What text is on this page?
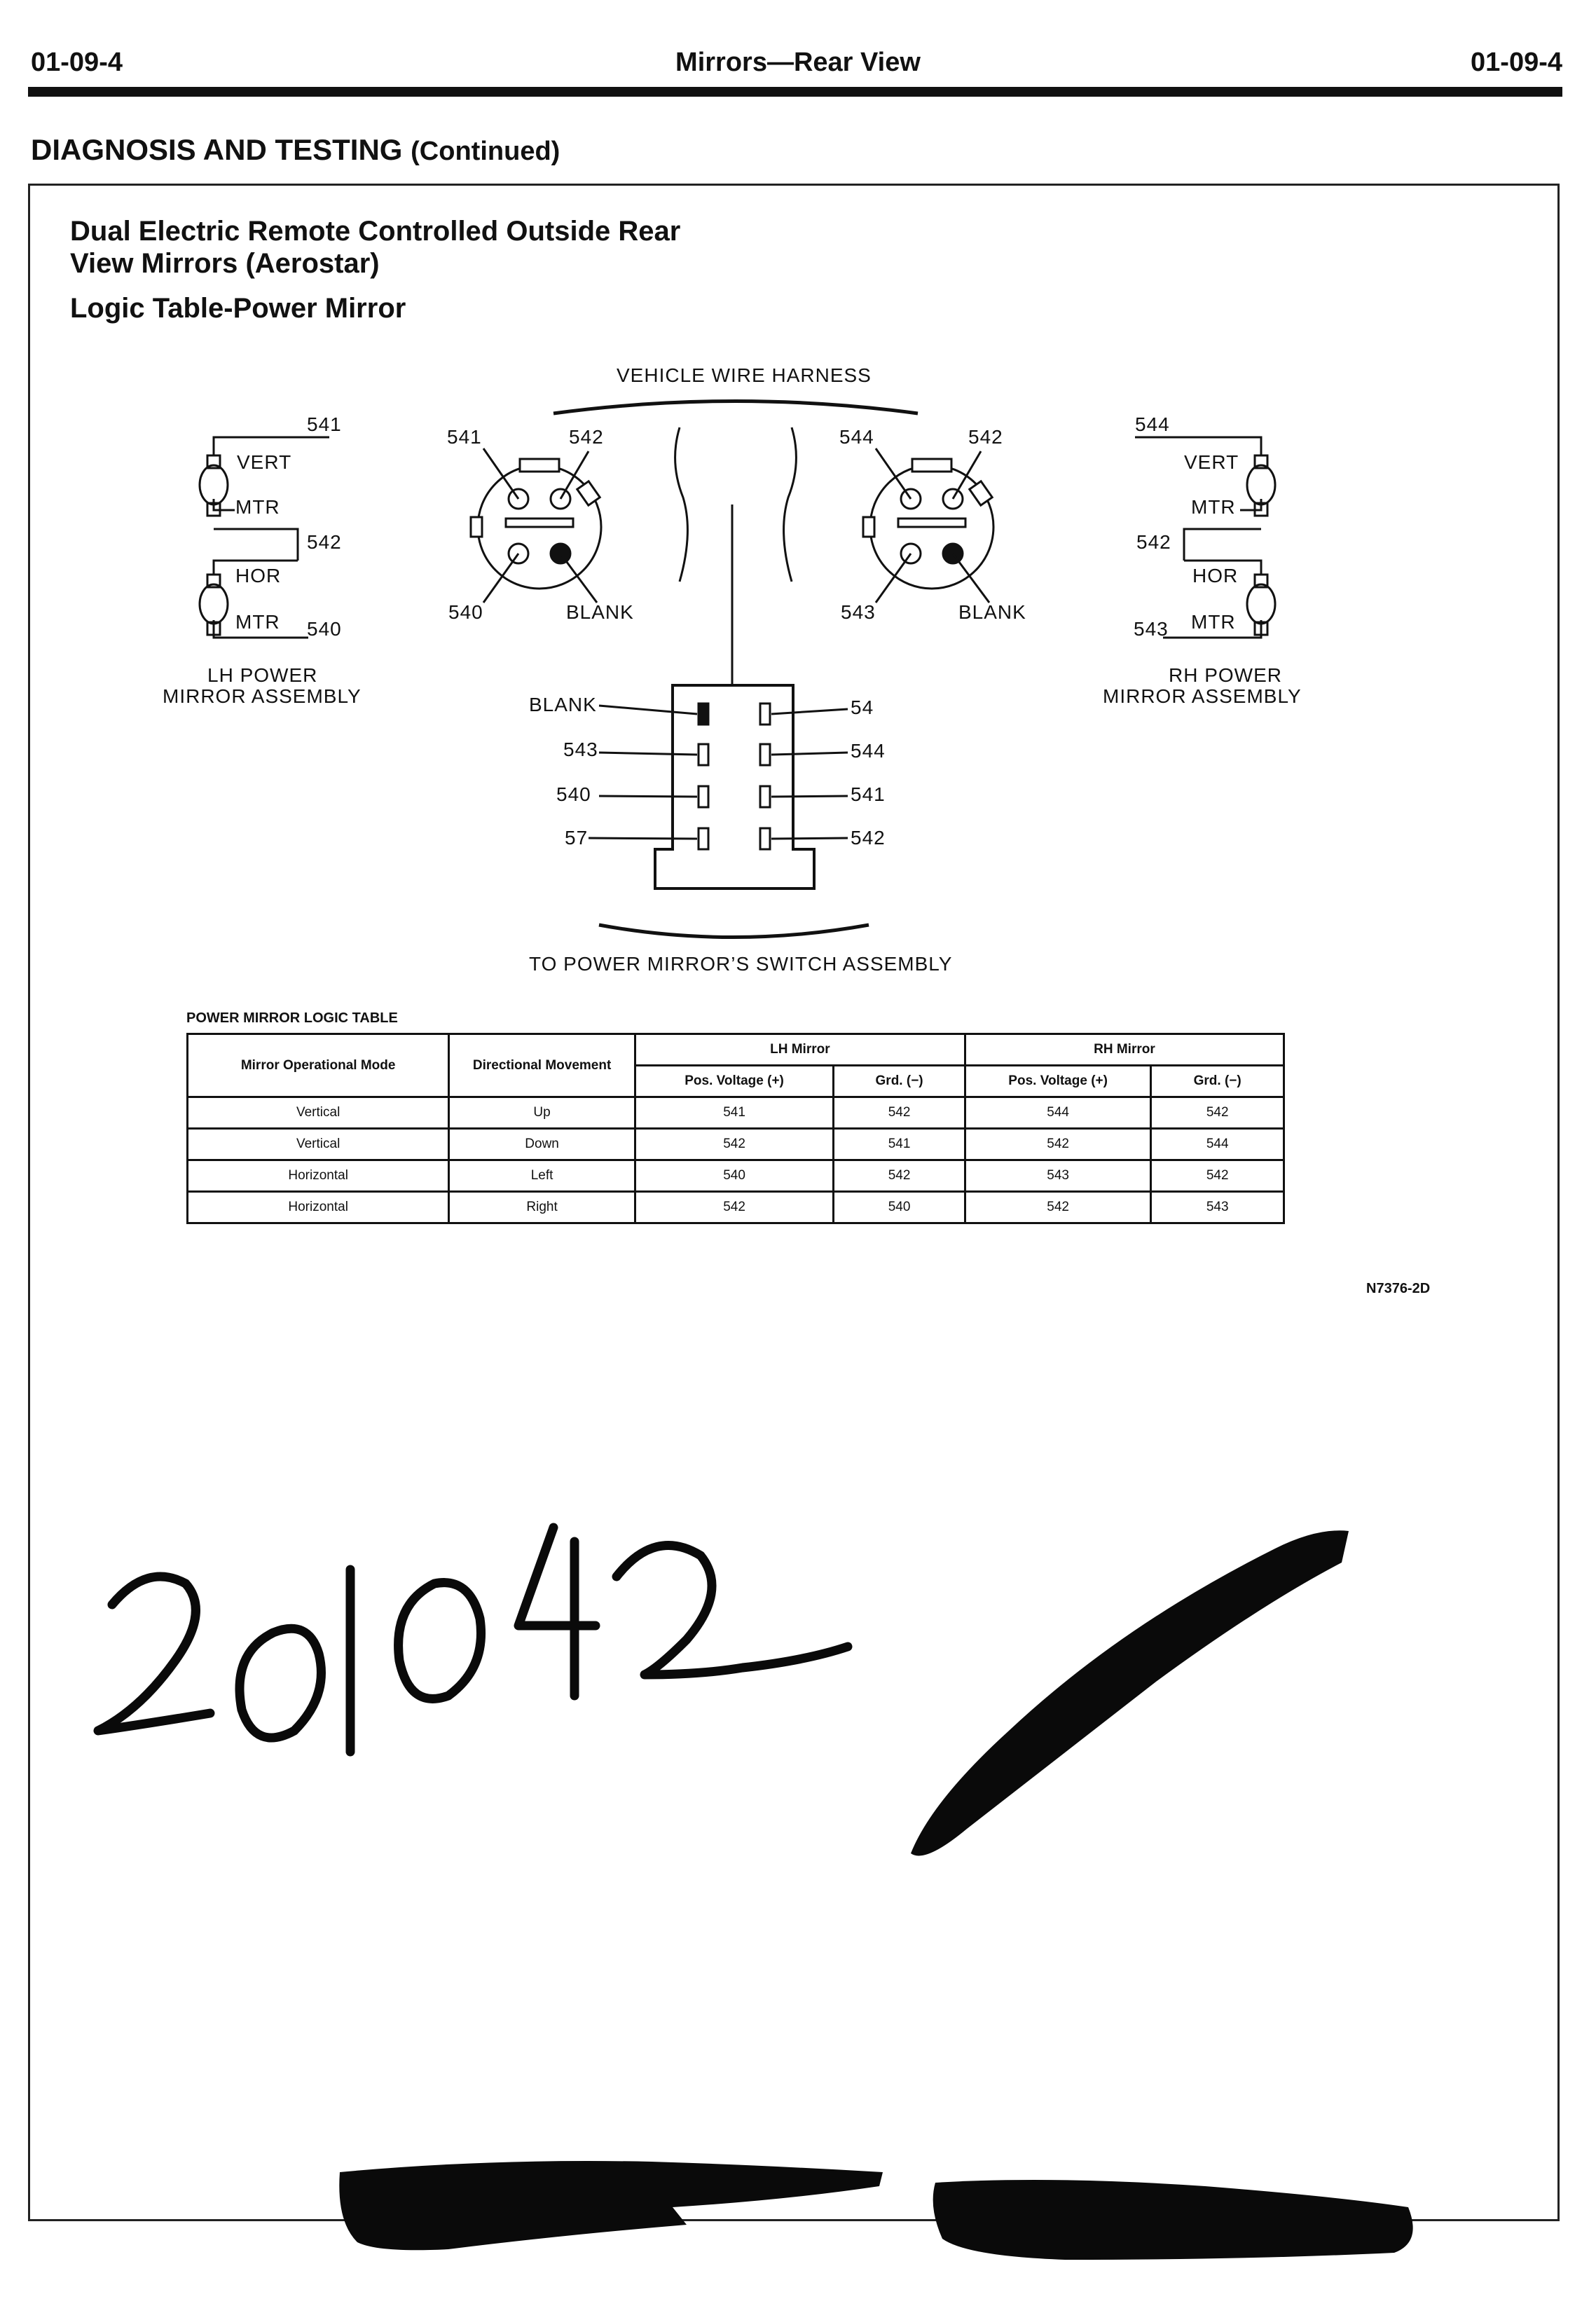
01-09-4	Mirrors—Rear View	01-09-4
DIAGNOSIS AND TESTING (Continued)
Dual Electric Remote Controlled Outside Rear
View Mirrors (Aerostar)
Logic Table-Power Mirror
VEHICLE WIRE HARNESS
TO POWER MIRROR’S SWITCH ASSEMBLY
541
VERT
MTR
542
HOR
MTR 540
LH POWER
MIRROR ASSEMBLY
541	542
540	BLANK
544	542
543	BLANK
544
VERT
MTR
542
HOR
MTR
543
RH POWER
MIRROR ASSEMBLY
BLANK
543
540
57
54
544
541
542
POWER MIRROR LOGIC TABLE
Mirror Operational Mode	Directional Movement	LH Mirror		RH Mirror	
		Pos. Voltage (+)	Grd. (−)	Pos. Voltage (+)	Grd. (−)
Vertical	Up	541	542	544	542
Vertical	Down	542	541	542	544
Horizontal	Left	540	542	543	542
Horizontal	Right	542	540	542	543
N7376-2D
